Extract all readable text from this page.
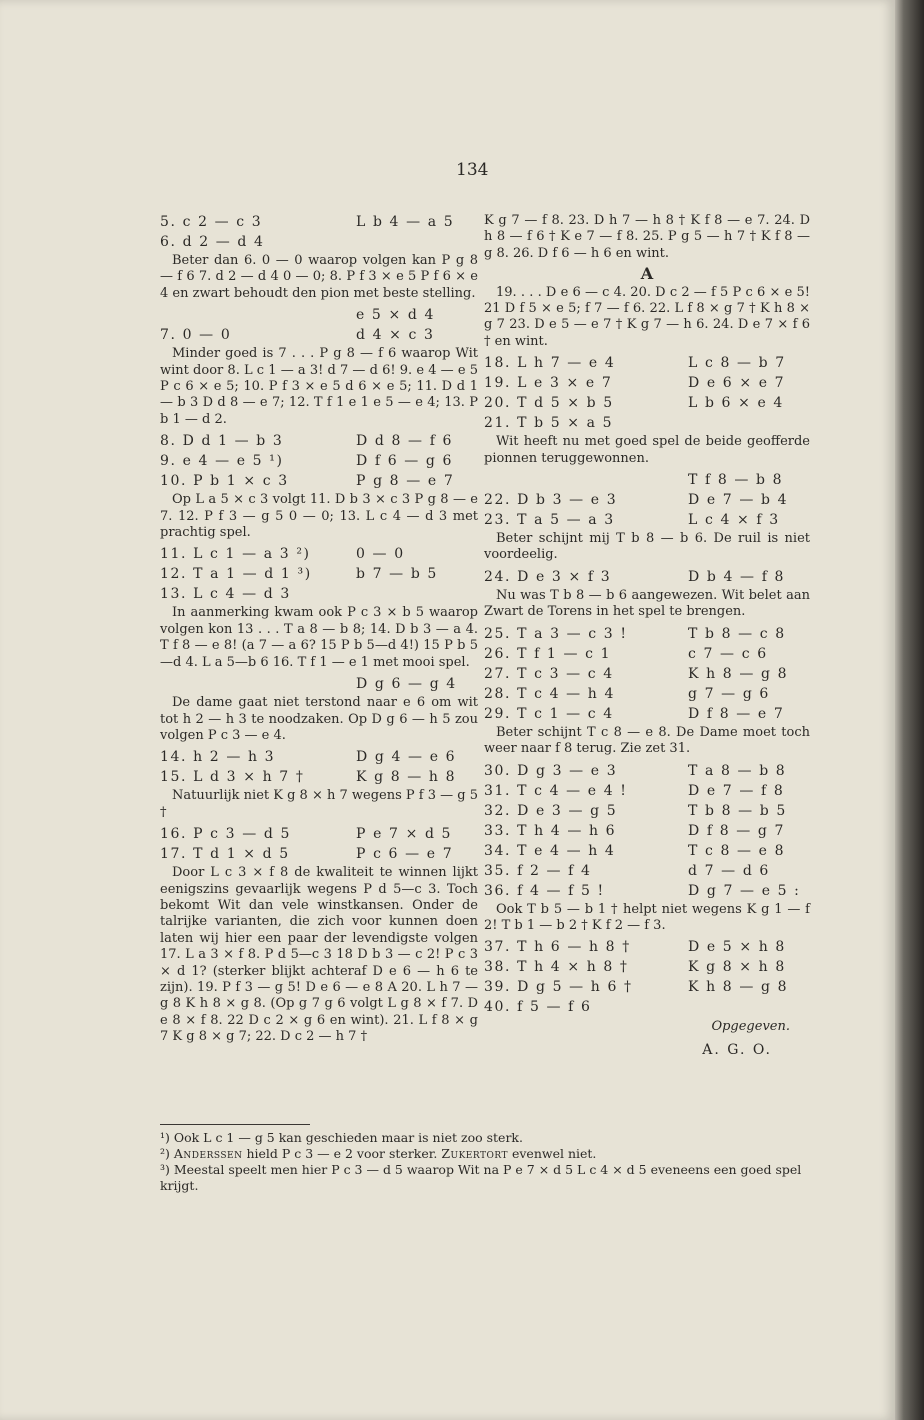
134
5. c 2 — c 3	L b 4 — a 5
6. d 2 — d 4
Beter dan 6. 0 — 0 waarop volgen kan P g 8 — f 6 7. d 2 — d 4 0 — 0; 8. P f 3 × e 5 P f 6 × e 4 en zwart behoudt den pion met beste stelling.
e 5 × d 4
7. 0 — 0	d 4 × c 3
Minder goed is 7 . . . P g 8 — f 6 waarop Wit wint door 8. L c 1 — a 3! d 7 — d 6! 9. e 4 — e 5 P c 6 × e 5; 10. P f 3 × e 5 d 6 × e 5; 11. D d 1 — b 3 D d 8 — e 7; 12. T f 1 e 1 e 5 — e 4; 13. P b 1 — d 2.
8. D d 1 — b 3	D d 8 — f 6
9. e 4 — e 5 ¹)	D f 6 — g 6
10. P b 1 × c 3	P g 8 — e 7
Op L a 5 × c 3 volgt 11. D b 3 × c 3 P g 8 — e 7. 12. P f 3 — g 5 0 — 0; 13. L c 4 — d 3 met prachtig spel.
11. L c 1 — a 3 ²)	0 — 0
12. T a 1 — d 1 ³)	b 7 — b 5
13. L c 4 — d 3
In aanmerking kwam ook P c 3 × b 5 waarop volgen kon 13 . . . T a 8 — b 8; 14. D b 3 — a 4. T f 8 — e 8! (a 7 — a 6? 15 P b 5—d 4!) 15 P b 5—d 4. L a 5—b 6 16. T f 1 — e 1 met mooi spel.
D g 6 — g 4
De dame gaat niet terstond naar e 6 om wit tot h 2 — h 3 te noodzaken. Op D g 6 — h 5 zou volgen P c 3 — e 4.
14. h 2 — h 3	D g 4 — e 6
15. L d 3 × h 7 †	K g 8 — h 8
Natuurlijk niet K g 8 × h 7 wegens P f 3 — g 5 †
16. P c 3 — d 5	P e 7 × d 5
17. T d 1 × d 5	P c 6 — e 7
Door L c 3 × f 8 de kwaliteit te winnen lijkt eenigszins gevaarlijk wegens P d 5—c 3. Toch bekomt Wit dan vele winstkansen. Onder de talrijke varianten, die zich voor kunnen doen laten wij hier een paar der levendigste volgen 17. L a 3 × f 8. P d 5—c 3 18 D b 3 — c 2! P c 3 × d 1? (sterker blijkt achteraf D e 6 — h 6 te zijn). 19. P f 3 — g 5! D e 6 — e 8 A 20. L h 7 — g 8 K h 8 × g 8. (Op g 7 g 6 volgt L g 8 × f 7. D e 8 × f 8. 22 D c 2 × g 6 en wint). 21. L f 8 × g 7 K g 8 × g 7; 22. D c 2 — h 7 †
K g 7 — f 8. 23. D h 7 — h 8 † K f 8 — e 7. 24. D h 8 — f 6 † K e 7 — f 8. 25. P g 5 — h 7 † K f 8 — g 8. 26. D f 6 — h 6 en wint.
A
19. . . . D e 6 — c 4. 20. D c 2 — f 5 P c 6 × e 5! 21 D f 5 × e 5; f 7 — f 6. 22. L f 8 × g 7 † K h 8 × g 7 23. D e 5 — e 7 † K g 7 — h 6. 24. D e 7 × f 6 † en wint.
18. L h 7 — e 4	L c 8 — b 7
19. L e 3 × e 7	D e 6 × e 7
20. T d 5 × b 5	L b 6 × e 4
21. T b 5 × a 5
Wit heeft nu met goed spel de beide geofferde pionnen teruggewonnen.
T f 8 — b 8
22. D b 3 — e 3	D e 7 — b 4
23. T a 5 — a 3	L c 4 × f 3
Beter schijnt mij T b 8 — b 6. De ruil is niet voordeelig.
24. D e 3 × f 3	D b 4 — f 8
Nu was T b 8 — b 6 aangewezen. Wit belet aan Zwart de Torens in het spel te brengen.
25. T a 3 — c 3 !	T b 8 — c 8
26. T f 1 — c 1	c 7 — c 6
27. T c 3 — c 4	K h 8 — g 8
28. T c 4 — h 4	g 7 — g 6
29. T c 1 — c 4	D f 8 — e 7
Beter schijnt T c 8 — e 8. De Dame moet toch weer naar f 8 terug. Zie zet 31.
30. D g 3 — e 3	T a 8 — b 8
31. T c 4 — e 4 !	D e 7 — f 8
32. D e 3 — g 5	T b 8 — b 5
33. T h 4 — h 6	D f 8 — g 7
34. T e 4 — h 4	T c 8 — e 8
35. f 2 — f 4	d 7 — d 6
36. f 4 — f 5 !	D g 7 — e 5 :
Ook T b 5 — b 1 † helpt niet wegens K g 1 — f 2! T b 1 — b 2 † K f 2 — f 3.
37. T h 6 — h 8 †	D e 5 × h 8
38. T h 4 × h 8 †	K g 8 × h 8
39. D g 5 — h 6 †	K h 8 — g 8
40. f 5 — f 6
Opgegeven.
A. G. O.
¹) Ook L c 1 — g 5 kan geschieden maar is niet zoo sterk.
²) Anderssen hield P c 3 — e 2 voor sterker. Zukertort evenwel niet.
³) Meestal speelt men hier P c 3 — d 5 waarop Wit na P e 7 × d 5 L c 4 × d 5 eveneens een goed spel krijgt.
